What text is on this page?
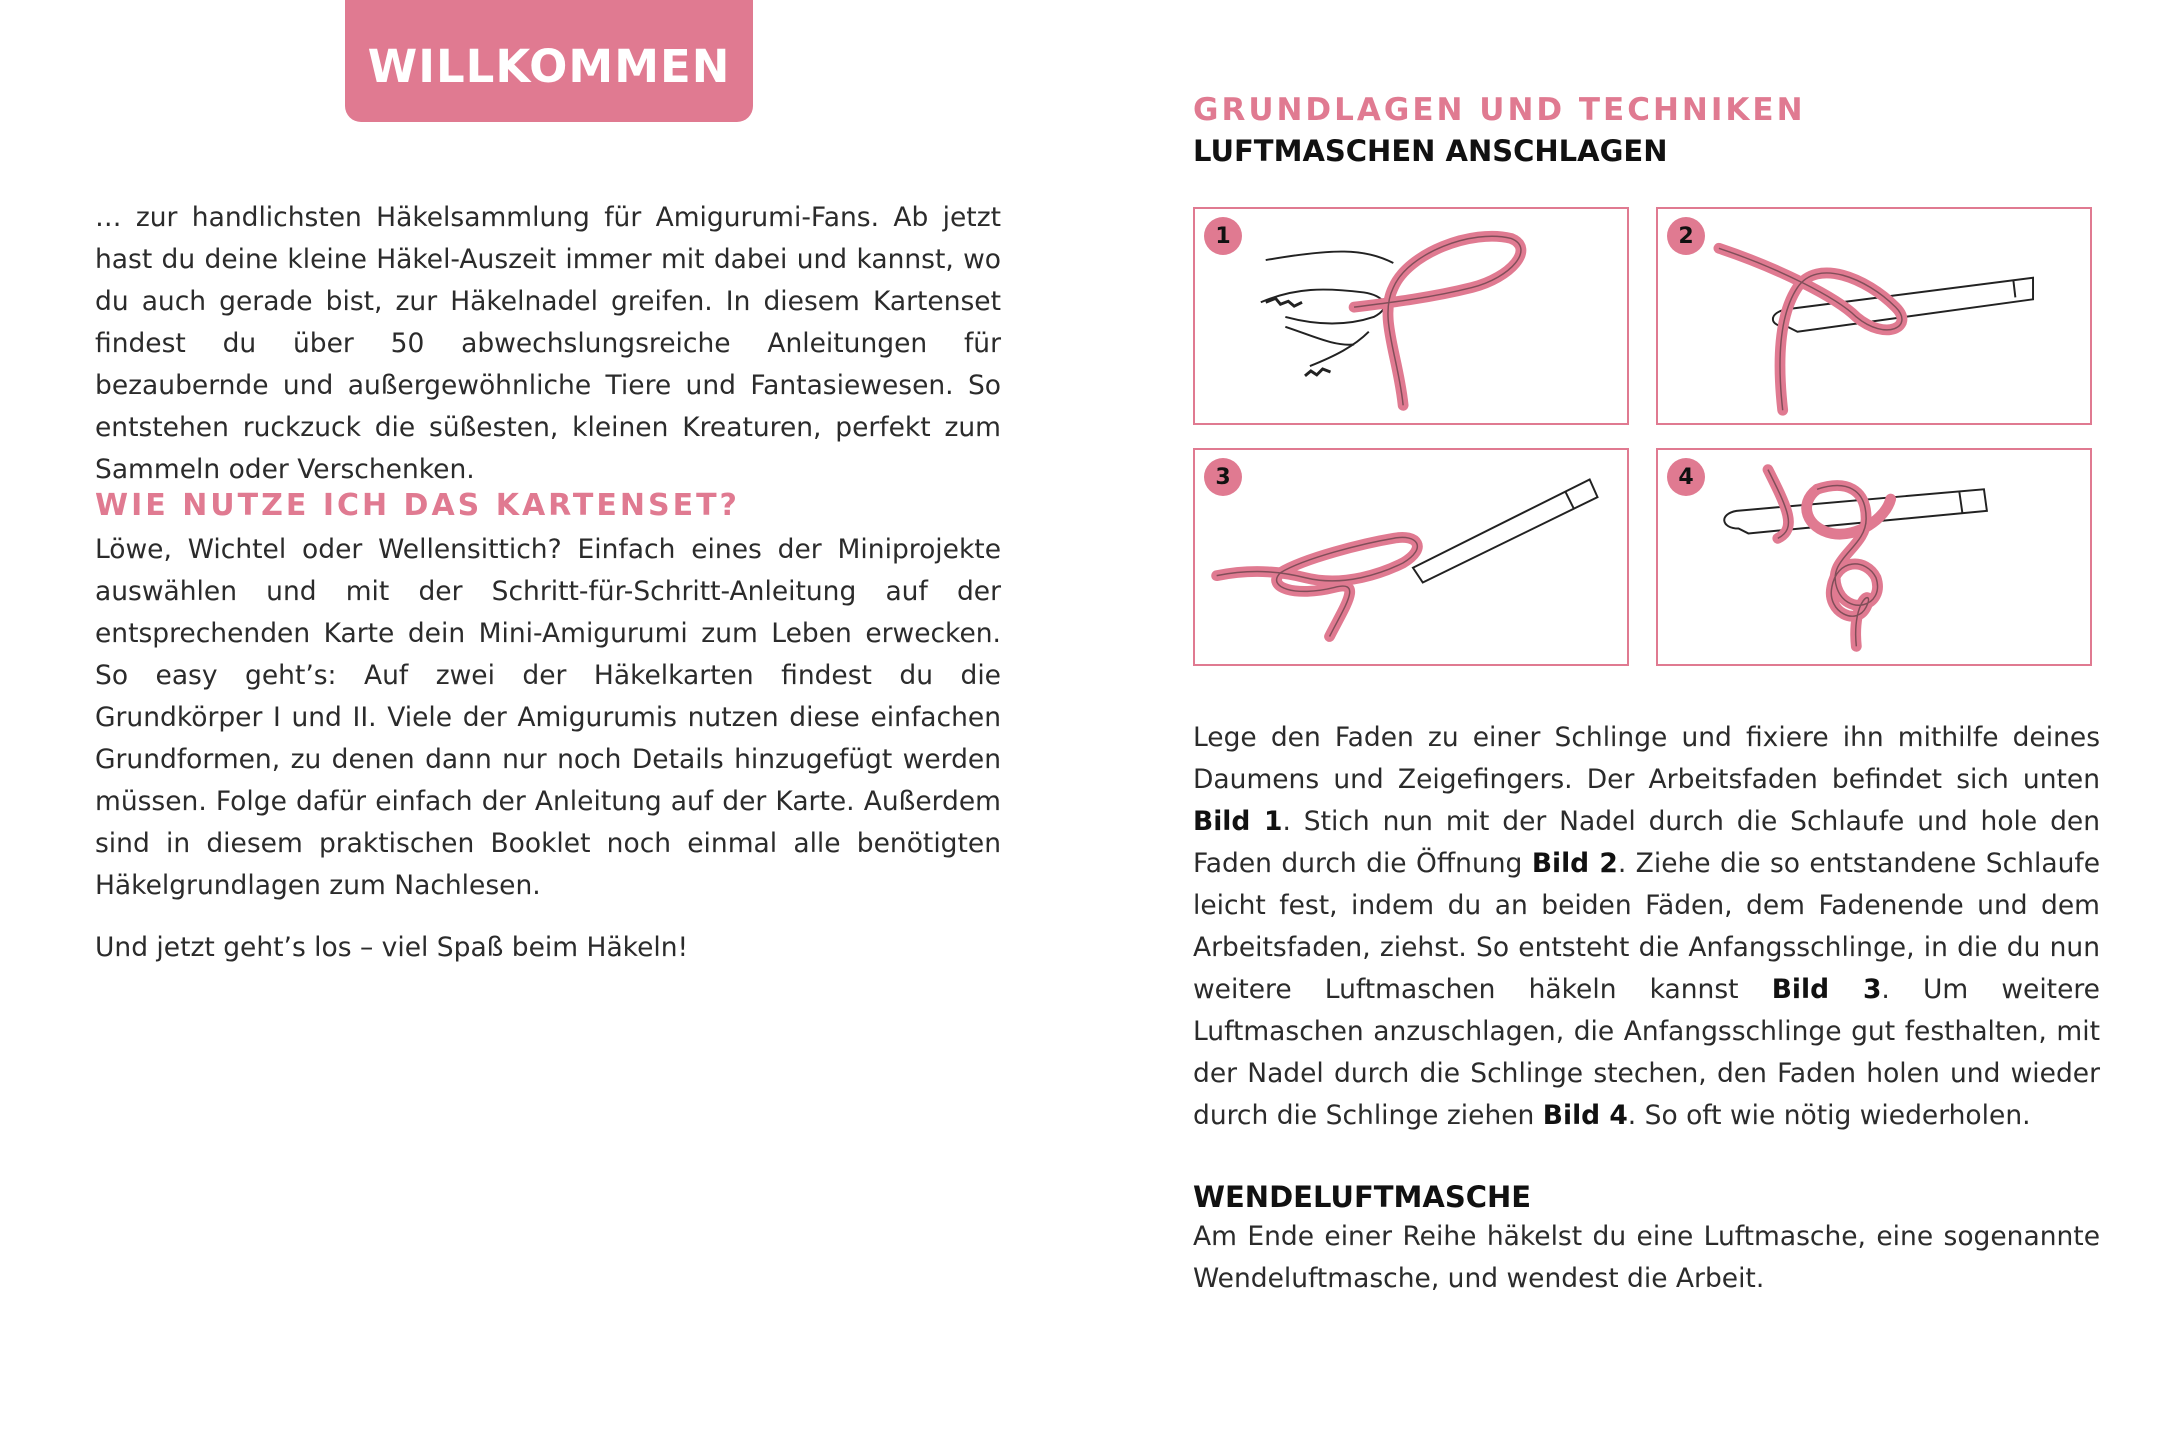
WILLKOMMEN

… zur handlichsten Häkelsammlung für Amigurumi-Fans. Ab jetzt hast du deine kleine Häkel-Auszeit immer mit dabei und kannst, wo du auch gerade bist, zur Häkelnadel greifen. In diesem Kartenset findest du über 50 abwechslungsreiche Anleitungen für bezaubernde und außergewöhnliche Tiere und Fantasiewesen. So entstehen ruckzuck die süßesten, kleinen Kreaturen, perfekt zum Sammeln oder Verschenken.

WIE NUTZE ICH DAS KARTENSET?

Löwe, Wichtel oder Wellensittich? Einfach eines der Miniprojekte auswählen und mit der Schritt-für-Schritt-Anleitung auf der entsprechenden Karte dein Mini-Amigurumi zum Leben erwecken. So easy geht’s: Auf zwei der Häkelkarten findest du die Grundkörper I und II. Viele der Amigurumis nutzen diese einfachen Grundformen, zu denen dann nur noch Details hinzugefügt werden müssen. Folge dafür einfach der Anleitung auf der Karte. Außerdem sind in diesem praktischen Booklet noch einmal alle benötigten Häkelgrundlagen zum Nachlesen.

Und jetzt geht’s los – viel Spaß beim Häkeln!

GRUNDLAGEN UND TECHNIKEN
LUFTMASCHEN ANSCHLAGEN
1	2
3	4

Lege den Faden zu einer Schlinge und fixiere ihn mithilfe deines Daumens und Zeigefingers. Der Arbeitsfaden befindet sich unten Bild 1. Stich nun mit der Nadel durch die Schlaufe und hole den Faden durch die Öffnung Bild 2. Ziehe die so entstandene Schlaufe leicht fest, indem du an beiden Fäden, dem Fadenende und dem Arbeitsfaden, ziehst. So entsteht die Anfangsschlinge, in die du nun weitere Luftmaschen häkeln kannst Bild 3. Um weitere Luftmaschen anzuschlagen, die Anfangsschlinge gut festhalten, mit der Nadel durch die Schlinge stechen, den Faden holen und wieder durch die Schlinge ziehen Bild 4. So oft wie nötig wiederholen.

WENDELUFTMASCHE

Am Ende einer Reihe häkelst du eine Luftmasche, eine sogenannte Wendeluftmasche, und wendest die Arbeit.
